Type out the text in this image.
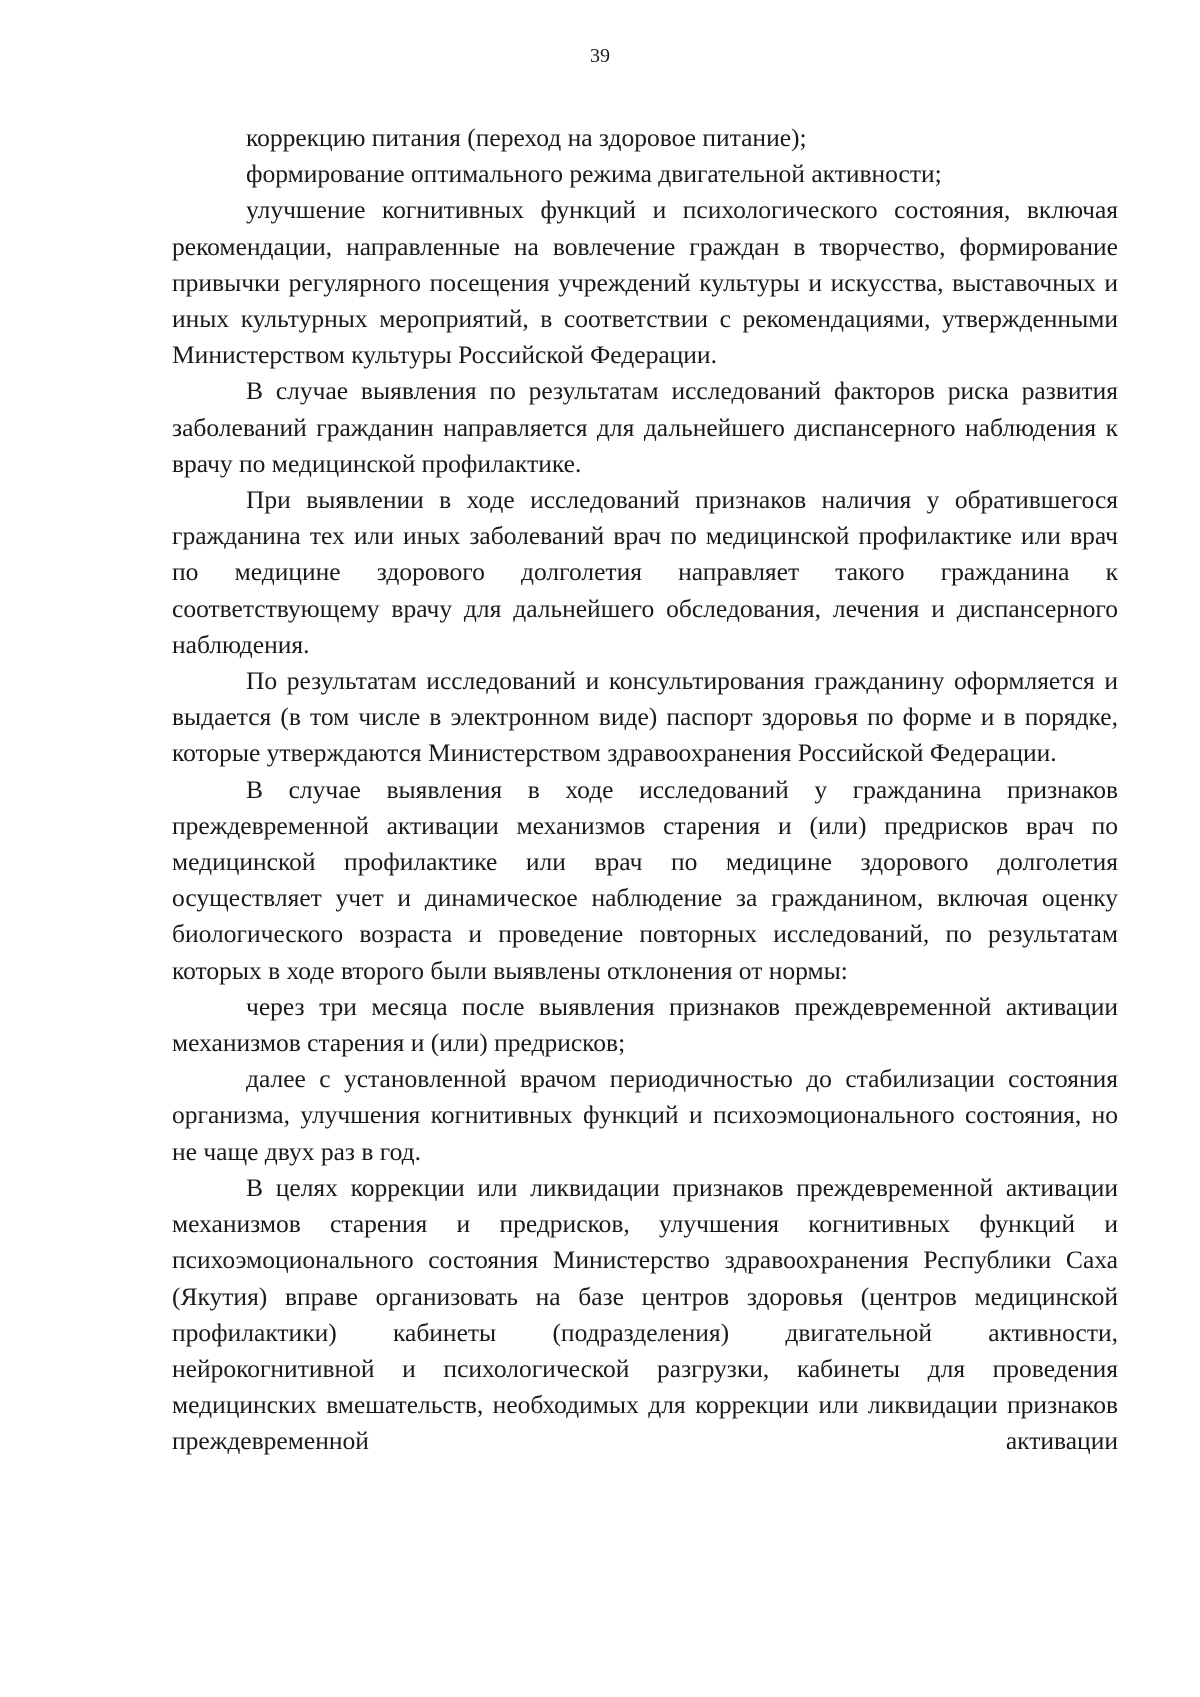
39

коррекцию питания (переход на здоровое питание);

формирование оптимального режима двигательной активности;

улучшение когнитивных функций и психологического состояния, включая рекомендации, направленные на вовлечение граждан в творчество, формирование привычки регулярного посещения учреждений культуры и искусства, выставочных и иных культурных мероприятий, в соответствии с рекомендациями, утвержденными Министерством культуры Российской Федерации.

В случае выявления по результатам исследований факторов риска развития заболеваний гражданин направляется для дальнейшего диспансерного наблюдения к врачу по медицинской профилактике.

При выявлении в ходе исследований признаков наличия у обратившегося гражданина тех или иных заболеваний врач по медицинской профилактике или врач по медицине здорового долголетия направляет такого гражданина к соответствующему врачу для дальнейшего обследования, лечения и диспансерного наблюдения.

По результатам исследований и консультирования гражданину оформляется и выдается (в том числе в электронном виде) паспорт здоровья по форме и в порядке, которые утверждаются Министерством здравоохранения Российской Федерации.

В случае выявления в ходе исследований у гражданина признаков преждевременной активации механизмов старения и (или) предрисков врач по медицинской профилактике или врач по медицине здорового долголетия осуществляет учет и динамическое наблюдение за гражданином, включая оценку биологического возраста и проведение повторных исследований, по результатам которых в ходе второго были выявлены отклонения от нормы:

через три месяца после выявления признаков преждевременной активации механизмов старения и (или) предрисков;

далее с установленной врачом периодичностью до стабилизации состояния организма, улучшения когнитивных функций и психоэмоционального состояния, но не чаще двух раз в год.

В целях коррекции или ликвидации признаков преждевременной активации механизмов старения и предрисков, улучшения когнитивных функций и психоэмоционального состояния Министерство здравоохранения Республики Саха (Якутия) вправе организовать на базе центров здоровья (центров медицинской профилактики) кабинеты (подразделения) двигательной активности, нейрокогнитивной и психологической разгрузки, кабинеты для проведения медицинских вмешательств, необходимых для коррекции или ликвидации признаков преждевременной активации
